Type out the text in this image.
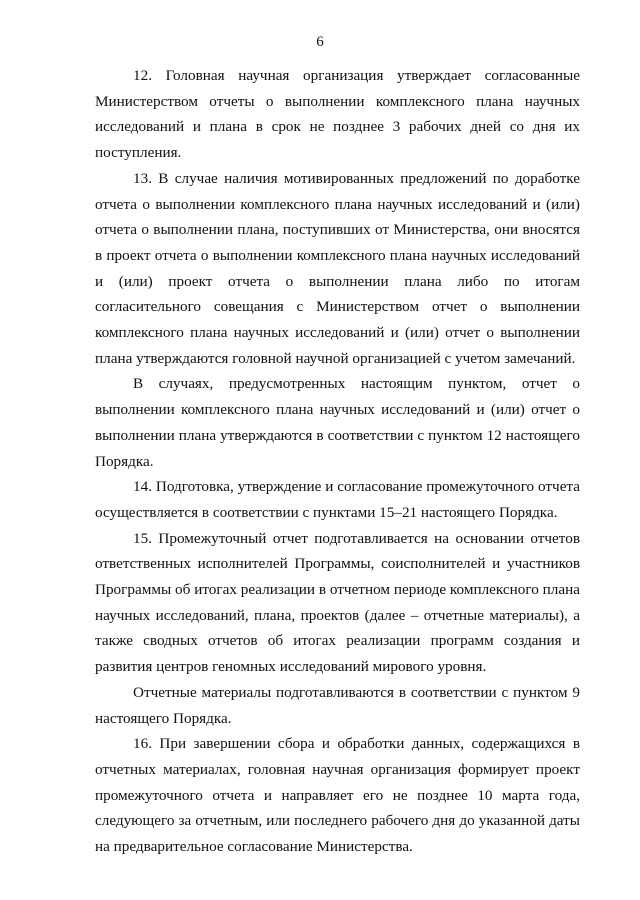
6

12. Головная научная организация утверждает согласованные Министерством отчеты о выполнении комплексного плана научных исследований и плана в срок не позднее 3 рабочих дней со дня их поступления.

13. В случае наличия мотивированных предложений по доработке отчета о выполнении комплексного плана научных исследований и (или) отчета о выполнении плана, поступивших от Министерства, они вносятся в проект отчета о выполнении комплексного плана научных исследований и (или) проект отчета о выполнении плана либо по итогам согласительного совещания с Министерством отчет о выполнении комплексного плана научных исследований и (или) отчет о выполнении плана утверждаются головной научной организацией с учетом замечаний.

В случаях, предусмотренных настоящим пунктом, отчет о выполнении комплексного плана научных исследований и (или) отчет о выполнении плана утверждаются в соответствии с пунктом 12 настоящего Порядка.

14. Подготовка, утверждение и согласование промежуточного отчета осуществляется в соответствии с пунктами 15–21 настоящего Порядка.

15. Промежуточный отчет подготавливается на основании отчетов ответственных исполнителей Программы, соисполнителей и участников Программы об итогах реализации в отчетном периоде комплексного плана научных исследований, плана, проектов (далее – отчетные материалы), а также сводных отчетов об итогах реализации программ создания и развития центров геномных исследований мирового уровня.

Отчетные материалы подготавливаются в соответствии с пунктом 9 настоящего Порядка.

16. При завершении сбора и обработки данных, содержащихся в отчетных материалах, головная научная организация формирует проект промежуточного отчета и направляет его не позднее 10 марта года, следующего за отчетным, или последнего рабочего дня до указанной даты на предварительное согласование Министерства.
